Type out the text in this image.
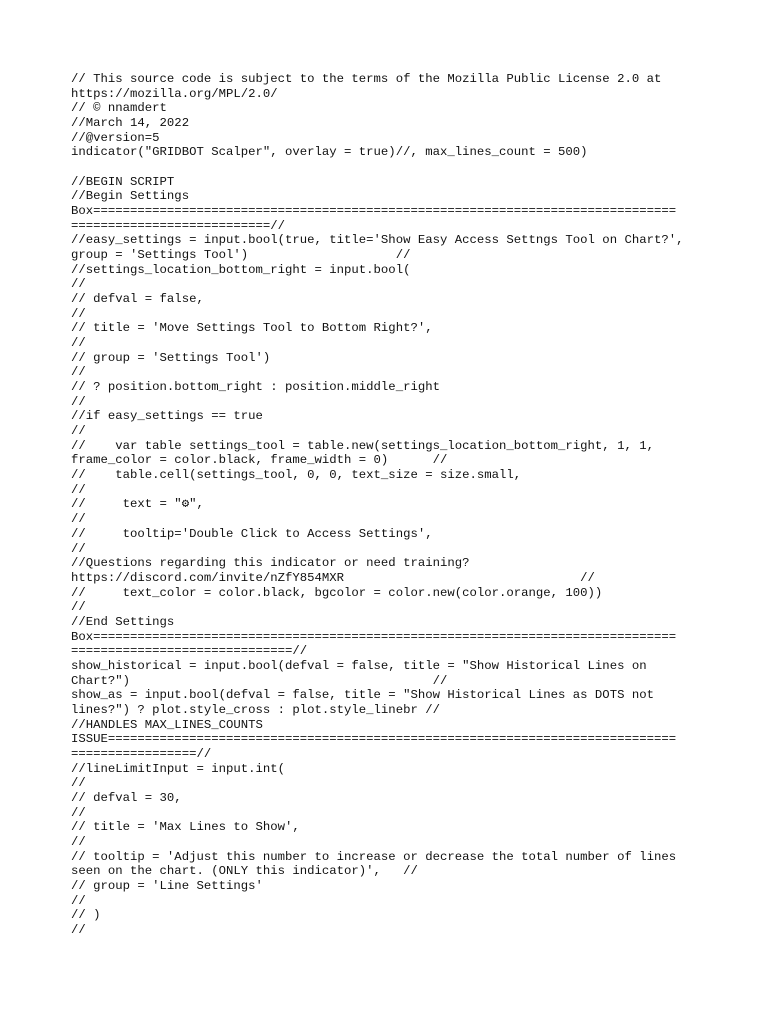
// This source code is subject to the terms of the Mozilla Public License 2.0 at
https://mozilla.org/MPL/2.0/
// © nnamdert
//March 14, 2022
//@version=5
indicator("GRIDBOT Scalper", overlay = true)//, max_lines_count = 500)
//BEGIN SCRIPT
//Begin Settings
Box===============================================================================
===========================//
//easy_settings = input.bool(true, title='Show Easy Access Settngs Tool on Chart?',
group = 'Settings Tool')                    //
//settings_location_bottom_right = input.bool(
//
// defval = false,
//
// title = 'Move Settings Tool to Bottom Right?',
//
// group = 'Settings Tool')
//
// ? position.bottom_right : position.middle_right
//
//if easy_settings == true
//
//    var table settings_tool = table.new(settings_location_bottom_right, 1, 1,
frame_color = color.black, frame_width = 0)      //
//    table.cell(settings_tool, 0, 0, text_size = size.small,
//
//     text = "⚙",
//
//     tooltip='Double Click to Access Settings',
//
//Questions regarding this indicator or need training?
https://discord.com/invite/nZfY854MXR                                //
//     text_color = color.black, bgcolor = color.new(color.orange, 100))
//
//End Settings
Box===============================================================================
==============================//
show_historical = input.bool(defval = false, title = "Show Historical Lines on
Chart?")                                         //
show_as = input.bool(defval = false, title = "Show Historical Lines as DOTS not
lines?") ? plot.style_cross : plot.style_linebr //
//HANDLES MAX_LINES_COUNTS
ISSUE=============================================================================
=================//
//lineLimitInput = input.int(
//
// defval = 30,
//
// title = 'Max Lines to Show',
//
// tooltip = 'Adjust this number to increase or decrease the total number of lines
seen on the chart. (ONLY this indicator)',   //
// group = 'Line Settings'
//
// )
//
